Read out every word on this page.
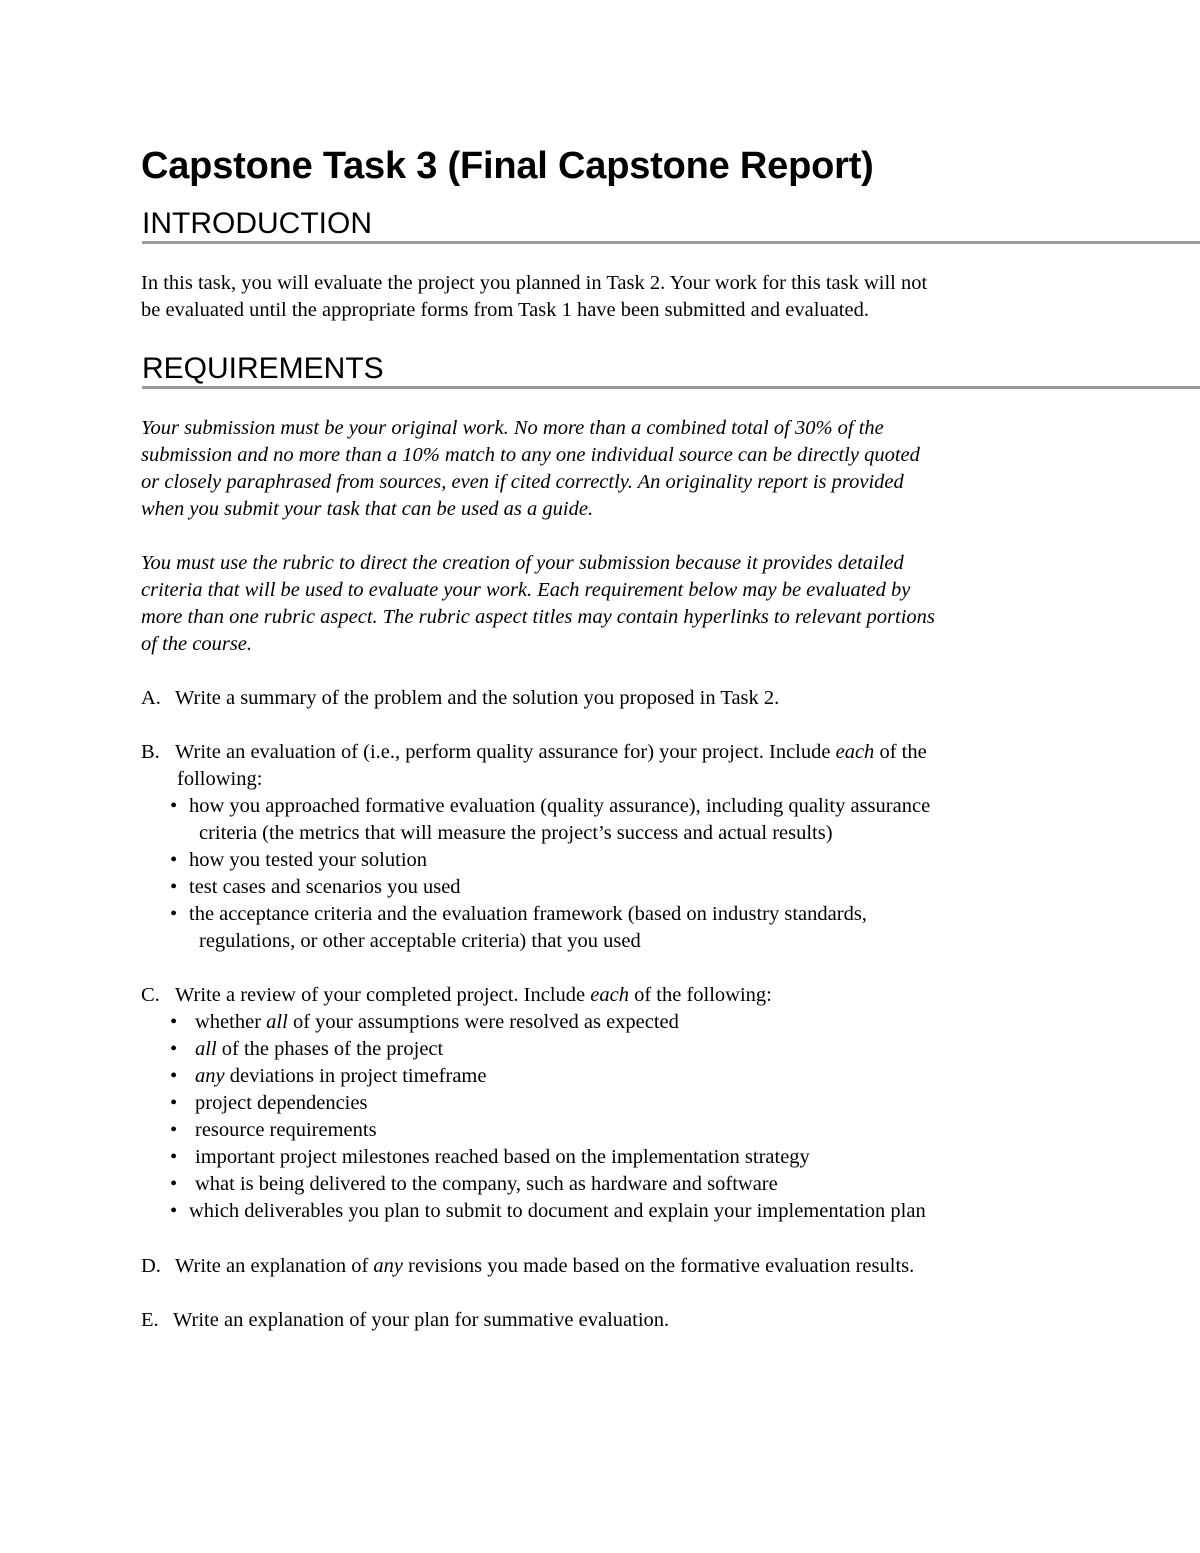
Capstone Task 3 (Final Capstone Report)
INTRODUCTION
In this task, you will evaluate the project you planned in Task 2. Your work for this task will not
be evaluated until the appropriate forms from Task 1 have been submitted and evaluated.
REQUIREMENTS
Your submission must be your original work. No more than a combined total of 30% of the
submission and no more than a 10% match to any one individual source can be directly quoted
or closely paraphrased from sources, even if cited correctly. An originality report is provided
when you submit your task that can be used as a guide.
You must use the rubric to direct the creation of your submission because it provides detailed
criteria that will be used to evaluate your work. Each requirement below may be evaluated by
more than one rubric aspect. The rubric aspect titles may contain hyperlinks to relevant portions
of the course.
A. Write a summary of the problem and the solution you proposed in Task 2.
B. Write an evaluation of (i.e., perform quality assurance for) your project. Include each of the
following:
• how you approached formative evaluation (quality assurance), including quality assurance
criteria (the metrics that will measure the project’s success and actual results)
• how you tested your solution
• test cases and scenarios you used
• the acceptance criteria and the evaluation framework (based on industry standards,
regulations, or other acceptable criteria) that you used
C. Write a review of your completed project. Include each of the following:
• whether all of your assumptions were resolved as expected
• all of the phases of the project
• any deviations in project timeframe
• project dependencies
• resource requirements
• important project milestones reached based on the implementation strategy
• what is being delivered to the company, such as hardware and software
• which deliverables you plan to submit to document and explain your implementation plan
D. Write an explanation of any revisions you made based on the formative evaluation results.
E. Write an explanation of your plan for summative evaluation.
